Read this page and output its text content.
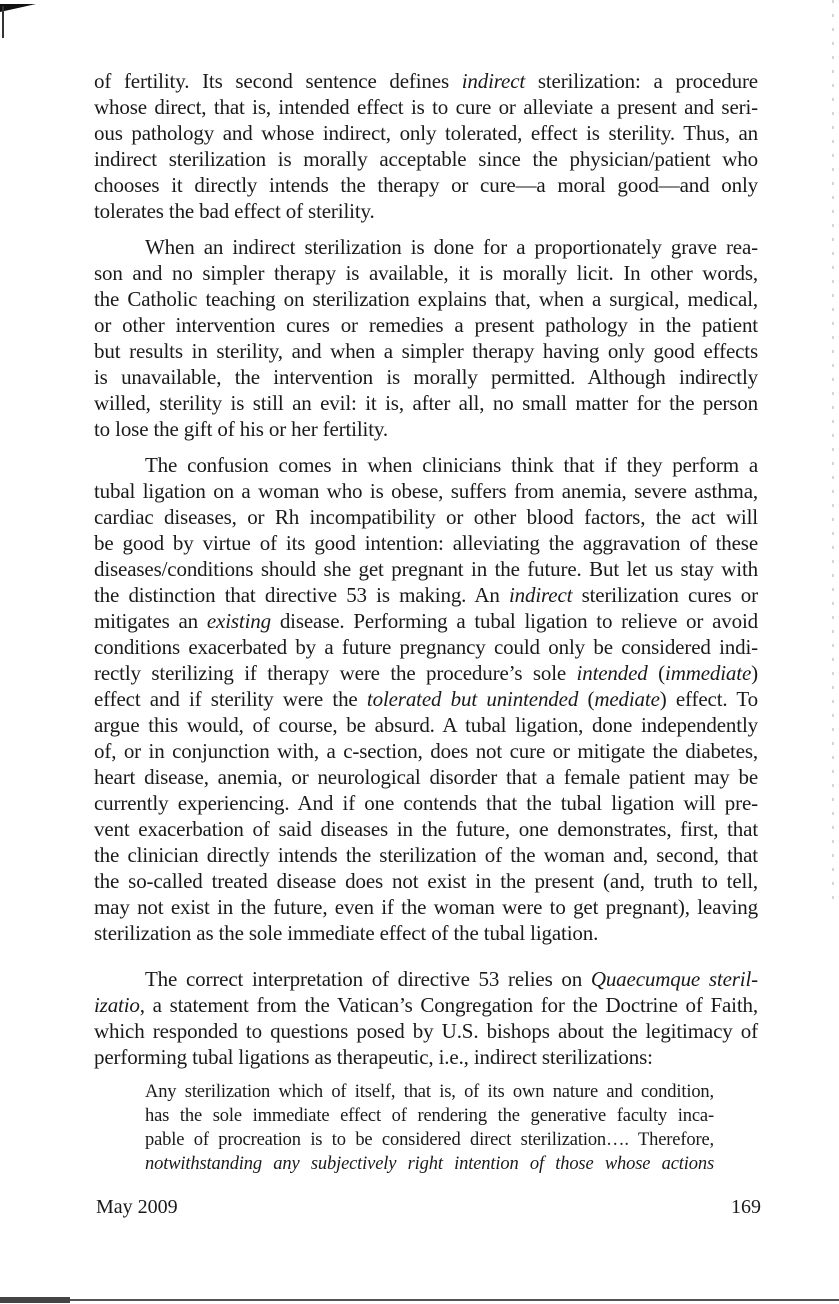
of fertility. Its second sentence defines indirect sterilization: a procedure
whose direct, that is, intended effect is to cure or alleviate a present and seri-
ous pathology and whose indirect, only tolerated, effect is sterility. Thus, an
indirect sterilization is morally acceptable since the physician/patient who
chooses it directly intends the therapy or cure—a moral good—and only
tolerates the bad effect of sterility.
When an indirect sterilization is done for a proportionately grave rea-
son and no simpler therapy is available, it is morally licit. In other words,
the Catholic teaching on sterilization explains that, when a surgical, medical,
or other intervention cures or remedies a present pathology in the patient
but results in sterility, and when a simpler therapy having only good effects
is unavailable, the intervention is morally permitted. Although indirectly
willed, sterility is still an evil: it is, after all, no small matter for the person
to lose the gift of his or her fertility.
The confusion comes in when clinicians think that if they perform a
tubal ligation on a woman who is obese, suffers from anemia, severe asthma,
cardiac diseases, or Rh incompatibility or other blood factors, the act will
be good by virtue of its good intention: alleviating the aggravation of these
diseases/conditions should she get pregnant in the future. But let us stay with
the distinction that directive 53 is making. An indirect sterilization cures or
mitigates an existing disease. Performing a tubal ligation to relieve or avoid
conditions exacerbated by a future pregnancy could only be considered indi-
rectly sterilizing if therapy were the procedure’s sole intended (immediate)
effect and if sterility were the tolerated but unintended (mediate) effect. To
argue this would, of course, be absurd. A tubal ligation, done independently
of, or in conjunction with, a c-section, does not cure or mitigate the diabetes,
heart disease, anemia, or neurological disorder that a female patient may be
currently experiencing. And if one contends that the tubal ligation will pre-
vent exacerbation of said diseases in the future, one demonstrates, first, that
the clinician directly intends the sterilization of the woman and, second, that
the so-called treated disease does not exist in the present (and, truth to tell,
may not exist in the future, even if the woman were to get pregnant), leaving
sterilization as the sole immediate effect of the tubal ligation.
The correct interpretation of directive 53 relies on Quaecumque steril-
izatio, a statement from the Vatican’s Congregation for the Doctrine of Faith,
which responded to questions posed by U.S. bishops about the legitimacy of
performing tubal ligations as therapeutic, i.e., indirect sterilizations:
Any sterilization which of itself, that is, of its own nature and condition,
has the sole immediate effect of rendering the generative faculty inca-
pable of procreation is to be considered direct sterilization…. Therefore,
notwithstanding any subjectively right intention of those whose actions
May 2009	169
